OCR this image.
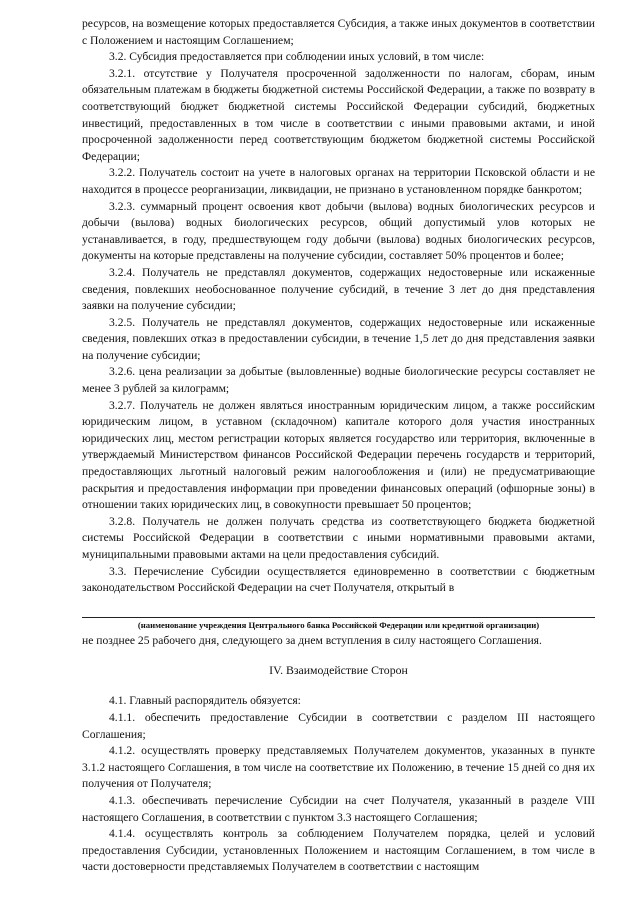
ресурсов, на возмещение которых предоставляется Субсидия, а также иных документов в соответствии с Положением и настоящим Соглашением;

3.2. Субсидия предоставляется при соблюдении иных условий, в том числе:

3.2.1. отсутствие у Получателя просроченной задолженности по налогам, сборам, иным обязательным платежам в бюджеты бюджетной системы Российской Федерации, а также по возврату в соответствующий бюджет бюджетной системы Российской Федерации субсидий, бюджетных инвестиций, предоставленных в том числе в соответствии с иными правовыми актами, и иной просроченной задолженности перед соответствующим бюджетом бюджетной системы Российской Федерации;

3.2.2. Получатель состоит на учете в налоговых органах на территории Псковской области и не находится в процессе реорганизации, ликвидации, не признано в установленном порядке банкротом;

3.2.3. суммарный процент освоения квот добычи (вылова) водных биологических ресурсов и добычи (вылова) водных биологических ресурсов, общий допустимый улов которых не устанавливается, в году, предшествующем году добычи (вылова) водных биологических ресурсов, документы на которые представлены на получение субсидии, составляет 50% процентов и более;

3.2.4. Получатель не представлял документов, содержащих недостоверные или искаженные сведения, повлекших необоснованное получение субсидий, в течение 3 лет до дня представления заявки на получение субсидии;

3.2.5. Получатель не представлял документов, содержащих недостоверные или искаженные сведения, повлекших отказ в предоставлении субсидии, в течение 1,5 лет до дня представления заявки на получение субсидии;

3.2.6. цена реализации за добытые (выловленные) водные биологические ресурсы составляет не менее 3 рублей за килограмм;

3.2.7. Получатель не должен являться иностранным юридическим лицом, а также российским юридическим лицом, в уставном (складочном) капитале которого доля участия иностранных юридических лиц, местом регистрации которых является государство или территория, включенные в утверждаемый Министерством финансов Российской Федерации перечень государств и территорий, предоставляющих льготный налоговый режим налогообложения и (или) не предусматривающие раскрытия и предоставления информации при проведении финансовых операций (офшорные зоны) в отношении таких юридических лиц, в совокупности превышает 50 процентов;

3.2.8. Получатель не должен получать средства из соответствующего бюджета бюджетной системы Российской Федерации в соответствии с иными нормативными правовыми актами, муниципальными правовыми актами на цели предоставления субсидий.

3.3. Перечисление Субсидии осуществляется единовременно в соответствии с бюджетным законодательством Российской Федерации на счет Получателя, открытый в

(наименование учреждения Центрального банка Российской Федерации или кредитной организации)

не позднее 25 рабочего дня, следующего за днем вступления в силу настоящего Соглашения.

IV. Взаимодействие Сторон

4.1. Главный распорядитель обязуется:

4.1.1. обеспечить предоставление Субсидии в соответствии с разделом III настоящего Соглашения;

4.1.2. осуществлять проверку представляемых Получателем документов, указанных в пункте 3.1.2 настоящего Соглашения, в том числе на соответствие их Положению, в течение 15 дней со дня их получения от Получателя;

4.1.3. обеспечивать перечисление Субсидии на счет Получателя, указанный в разделе VIII настоящего Соглашения, в соответствии с пунктом 3.3 настоящего Соглашения;

4.1.4. осуществлять контроль за соблюдением Получателем порядка, целей и условий предоставления Субсидии, установленных Положением и настоящим Соглашением, в том числе в части достоверности представляемых Получателем в соответствии с настоящим
